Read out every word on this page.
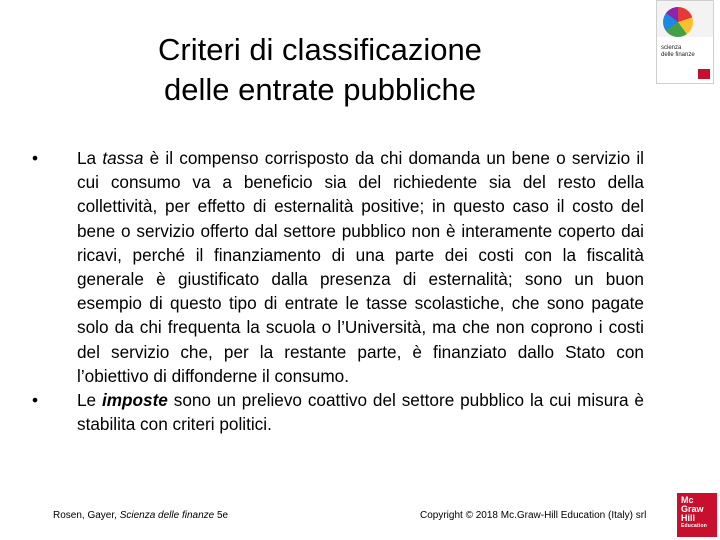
Criteri di classificazione
delle entrate pubbliche
scienza
delle finanze
•	La tassa è il compenso corrisposto da chi domanda un bene o servizio il cui consumo va a beneficio sia del richiedente sia del resto della collettività, per effetto di esternalità positive; in questo caso il costo del bene o servizio offerto dal settore pubblico non è interamente coperto dai ricavi, perché il finanziamento di una parte dei costi con la fiscalità generale è giustificato dalla presenza di esternalità; sono un buon esempio di questo tipo di entrate le tasse scolastiche, che sono pagate solo da chi frequenta la scuola o l’Università, ma che non coprono i costi del servizio che, per la restante parte, è finanziato dallo Stato con l’obiettivo di diffonderne il consumo.
•	Le imposte sono un prelievo coattivo del settore pubblico la cui misura è stabilita con criteri politici.
Rosen, Gayer, Scienza delle finanze 5e	Copyright © 2018 Mc.Graw-Hill Education (Italy) srl
Mc
Graw
Hill
Education
